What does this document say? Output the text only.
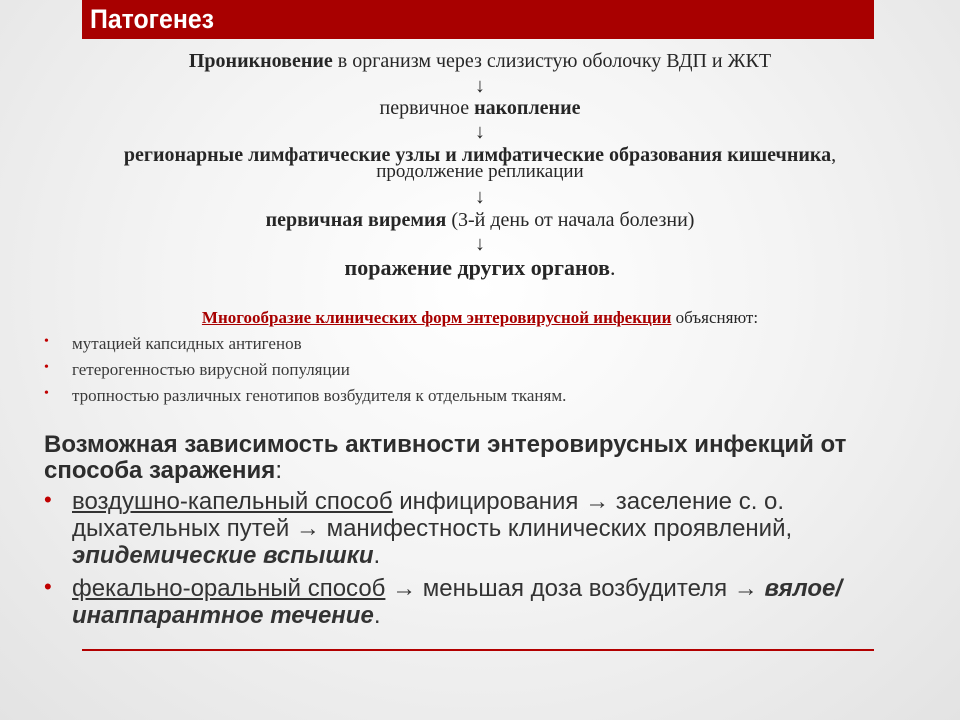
Патогенез
Проникновение в организм через слизистую оболочку ВДП и ЖКТ
↓
первичное накопление
↓
регионарные лимфатические узлы и лимфатические образования кишечника,
продолжение репликации
↓
первичная виремия (3-й день от начала болезни)
↓
поражение других органов.
Многообразие клинических форм энтеровирусной инфекции объясняют:
• мутацией капсидных антигенов
• гетерогенностью вирусной популяции
• тропностью различных генотипов возбудителя к отдельным тканям.
Возможная зависимость активности энтеровирусных инфекций от способа заражения:
• воздушно-капельный способ инфицирования → заселение с. о. дыхательных путей → манифестность клинических проявлений, эпидемические вспышки.
• фекально-оральный способ → меньшая доза возбудителя → вялое/инаппарантное течение.
